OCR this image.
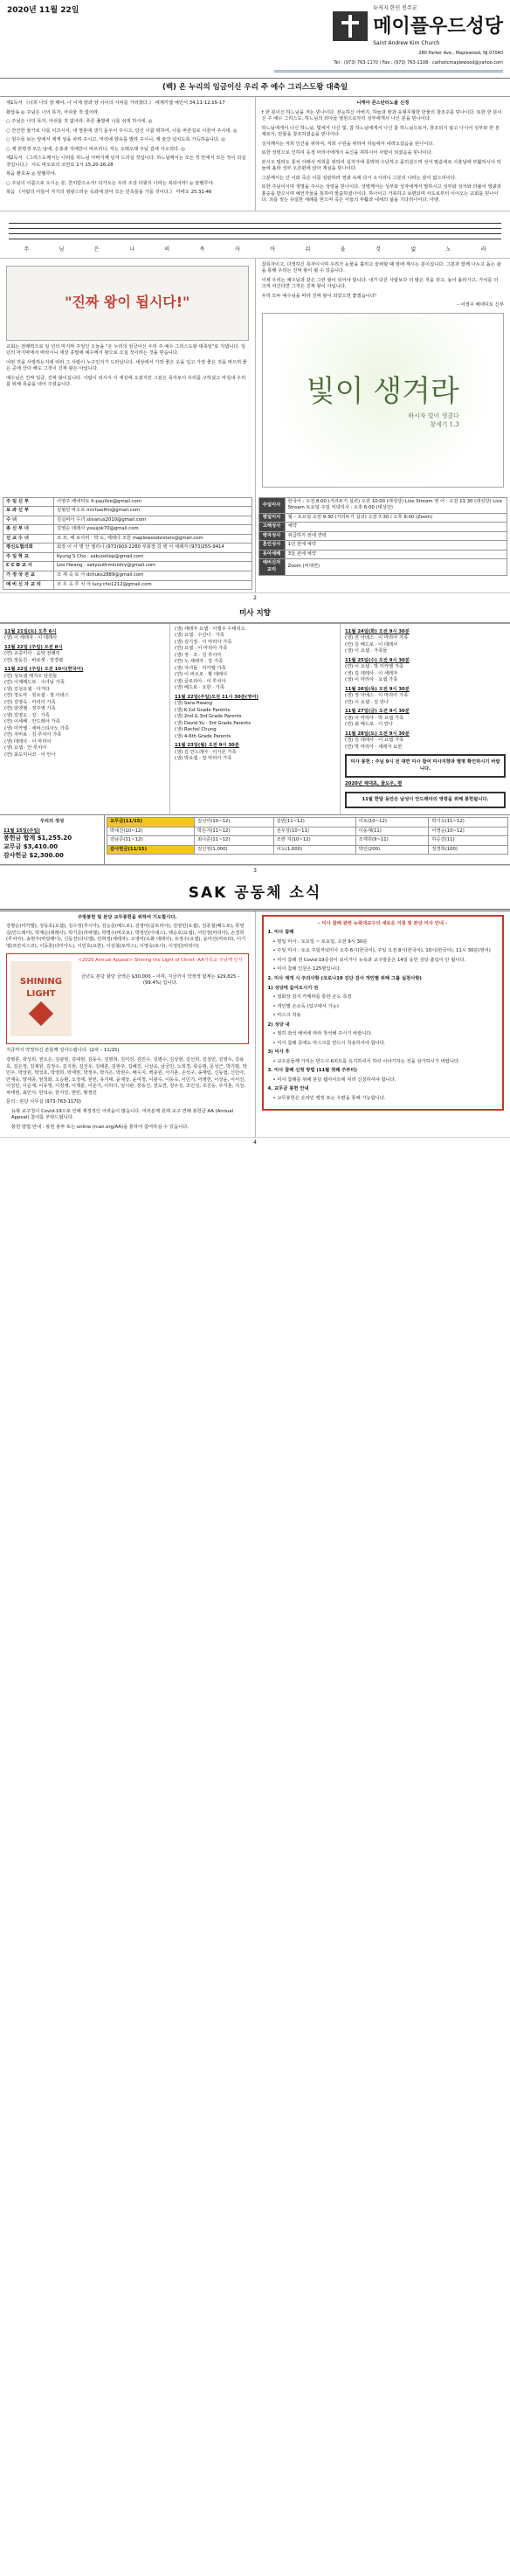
2020년 11월 22일	뉴저지 한인 천주교
메이플우드성당
Saint Andrew Kim Church
280 Parker Ave., Maplewood, NJ 07040
Tel : (973) 763-1170 / Fax : (973) 763-1108 · catholicmaplewood@yahoo.com
(백) 온 누리의 임금이신 우리 주 예수 그리스도왕 대축일

제1독서 《너희 나의 양 떼야, 나 이제 양과 양 사이의 시비를 가리겠다.》 에제키엘 예언서 34,11-12.15-17

화답송 ◎ 주님은 나의 목자, 아쉬울 것 없어라.

○ 주님은 나의 목자, 아쉬울 것 없어라. 푸른 풀밭에 나를 쉬게 하시네. ◎

○ 잔잔한 물가로 나를 이끄시어, 내 영혼에 생기 돋우어 주시고, 당신 이름 위하여, 나를 바른길로 이끌어 주시네. ◎

○ 원수들 보는 앞에서 제게 상을 차려 주시고, 머리에 향유를 발라 주시니, 제 술잔 넘치도록 가득하옵니다. ◎

○ 제 한평생 모든 날에, 은총과 자애만이 따르리니, 저는 오래오래 주님 집에 사오리다. ◎

제2독서 《그리스도께서는 나라를 하느님 아버지께 넘겨 드리실 것입니다. 하느님께서는 모든 것 안에서 모든 것이 되실 것입니다.》 사도 바오로의 코린토 1서 15,20-26.28

복음 환호송 ◎ 알렐루야.

○ 주님의 이름으로 오시는 분, 찬미받으소서! 다가오는 우리 조상 다윗의 나라는 복되어라! ◎ 알렐루야.

복음 《사람의 아들이 자기의 영광스러운 옥좌에 앉아 모든 민족들을 가를 것이다.》 마태오 25,31-46

니케아 콘스탄티노플 신경

† 한 분이신 하느님을 저는 믿나이다. 전능하신 아버지, 하늘과 땅과 유형무형한 만물의 창조주를 믿나이다. 또한 한 분이신 주 예수 그리스도, 하느님의 외아들 영원으로부터 성부에게서 나신 분을 믿나이다.

하느님에게서 나신 하느님, 빛에서 나신 빛, 참 하느님에게서 나신 참 하느님으로서, 창조되지 않고 나시어 성부와 한 본체로서, 만물을 창조하셨음을 믿나이다.

성자께서는 저희 인간을 위하여, 저희 구원을 위하여 하늘에서 내려오셨음을 믿나이다.

또한 성령으로 인하여 동정 마리아에게서 육신을 취하시어 사람이 되셨음을 믿나이다.

본시오 빌라도 통치 아래서 저희를 위하여 십자가에 못박혀 수난하고 묻히셨으며 성서 말씀대로 사흗날에 부활하시어 하늘에 올라 성부 오른편에 앉아 계심을 믿나이다.

그분께서는 산 이와 죽은 이를 심판하러 영광 속에 다시 오시리니 그분의 나라는 끝이 없으리이다.

또한 주님이시며 생명을 주시는 성령을 믿나이다. 성령께서는 성부와 성자에게서 발하시고 성부와 성자와 더불어 영광과 흠숭을 받으시며 예언자들을 통하여 말씀하셨나이다. 하나이고 거룩하고 보편되며 사도로부터 이어오는 교회를 믿나이다. 죄를 씻는 유일한 세례를 믿으며 죽은 이들의 부활과 내세의 삶을 기다리나이다. 아멘.

주	님	은	나	의	목	자	아	쉬	울	것	없	노	라
"진짜 왕이 됩시다!"

교회는 전례력으로 일 년의 마지막 주일인 오늘을 "온 누리의 임금이신 우리 주 예수 그리스도왕 대축일"로 지냅니다. 일년의 마지막에서 바라시니 세상 종말에 예수께서 왕으로 오실 것이라는 것을 믿습니다.

어떤 것을 사랑하는지에 따라 그 사람이 누구인지가 드러납니다. 세상에서 가장 좋은 옷을 입고 가장 좋은 것을 먹으며 좋은 곳에 산다 해도 그것이 진짜 왕은 아닙니다.

예수님은 진짜 임금, 진짜 왕이십니다. 사람이 되시어 이 세상에 오셨지만 그분은 목자로서 우리를 구하셨고 마침내 우리를 위해 목숨을 내어 주셨습니다.

참목자이고, 다정하신 목자이시며 우리가 눈물을 흘리고 슬퍼할 때 옆에 계시는 분이십니다. 그분과 함께 나누고 돕는 삶을 통해 우리는 진짜 왕이 될 수 있습니다.

이제 우리는 예수님과 같은 그런 왕이 되어야 합니다. 내가 다른 사람보다 더 많은 것을 갖고, 높이 올라가고, 가치를 더 크게 여긴다면 그것은 진짜 왕이 아닙니다.

우리 모두 예수님을 따라 진짜 왕이 되었으면 좋겠습니다!

– 이영주 베네딕토 신부

빛이 생겨라
하시자 빛이 생겼다
창세기 1,3
주 임 신 부	이영주 베네딕토 fr.paullee@gmail.com
보 좌 신 부	김형민 바오로 michaelfm@gmail.com
수 녀	김실비아 수녀 silvanus2010@gmail.com
총 신 부 녀	김영순 데레사 yssujok70@gmail.com
선 교 수 녀	조 모, 배 로사리 · 박 도, 세레나 조한 maplewoodsisters@gmail.com
평신도협의회	회장 이 사 명 안 젤리나 (973)903-2280 부회장 김 병 이 세례자 (973)255-9414
주 일 학 교	Kyung S Cho : sakuosliep@gmail.com
C C D 교 사	Leo Hwang : sakyouthministry@gmail.com
가 정 국 전 교	조 재 숙 로 사 dchuks2889@gmail.com
예 비 신 자 교 리	조 우 옥 루 치 아 lucy.cho1212@gmail.com
주일미사	한국어 : 오전 8:00 (거리두기 실외) 오전 10:00 (대성당) Live Stream 영 어 : 오전 11:30 (대성당) Live Stream 토요일 주일 저녁미사 : 오후 6:00 (대성당)
평일미사	월 – 토요일 오전 9:30 (거리두기 실외) 오전 7:30 / 오후 8:00 (Zoom)
고해성사	예약
병자성사	위급하지 전에 연락
혼인성사	1년 전에 예약
유아세례	3달 전에 예약
예비신자 교리	Zoom (비대면)
2
미사 지향
11월 21일(토) 오후 6시
(생) 이 세레자 · 이 데레사
11월 22일 (주일) 오전 8시
(연) 교중미사 · 음악 전례부
(연) 장동진 · 바로셋 · 장경렬
11월 22일 (주일) 오전 10시(한국어)
(연) 성요셉 레지오 단원들
(연) 이제베드로 · 수녀님 가족
(생) 김성요셉 · 아가다
(연) 정도마 · 원요셉 · 정 아녜스
(연) 김영숙 · 마리아 가족
(연) 임엔젤 · 정주영 가족
(생) 김영도 · 강 · 가족
(연) 이세베 · 안드레아 가족
(생) 미카엘 · 세바스티아노 가족
(연) 자비로 · 김 루치아 가족
(생) 데레사 · 이 마리아
(생) 요셉 · 안 루치아
(연) 최도미니코 · 이 안나
(생) 세레자 요셉 · 이엘주 수태리오
(생) 요셉 · 수산나 · 가족
(생) 김기정 · 이 마리아 가족
(연) 요셉 · 이 마리아 가족
(생) 정 · 조 · 김 루시아
(연) 노 세레자 · 강 가족
(생) 자녀들 · 미카엘 가족
(연) 이 바오로 · 황 데레사
(생) 글로리아 · 이 루치아
(생) 베드로 · 요한 · 가족
11월 22일(주일)오전 11시 30분(영어)
(생) Sara Hwang
(생) K-1st Grade Parents
(생) 2nd & 3rd Grade Parents
(생) David Yu · 3rd Grade Parents
(생) Rachel Chung
(생) 4-6th Grade Parents
11월 23일(월) 오전 9시 30분
(생) 김 안드레아 · 이시몬 가족
(생) 박요셉 · 장 마리아 가족
11월 24일(화) 오전 9시 30분
(생) 전 아녜스 · 이 마리아 가족
(연) 김 베드로 · 이 데레사
(생) 이 요셉 · 가족들
11월 25일(수) 오전 9시 30분
(연) 이 요셉 · 박 미카엘 가족
(생) 김 데레사 · 이 세레자
(생) 이 마리아 · 요셉 가족
11월 26일(목) 오전 9시 30분
(생) 정 아녜스 · 이 마리아 가족
(연) 이 요셉 · 김 안나
11월 27일(금) 오전 9시 30분
(생) 이 마리아 · 박 요셉 가족
(연) 최 베드로 · 이 안나
11월 28일(토) 오전 9시 30분
(생) 김 데레사 · 이 요셉 가족
(연) 박 마리아 · 세레자 요한
미사 봉헌 : 주님 9시 전 대면 미사 참여 미사지향과 별명 확인하시기 바랍니다.
2020년 제대초, 꽃도우, 평
11월 한달 동안은 남성이 안드레아의 영령을 위해 봉헌됩니다.
우리의 정성
11월 15일(주일)
봉헌금 합계 $1,255.20
교무금 $3,410.00
감사헌금 $2,300.00
교무금(11/15)	김선미(10~12)	김빈(11~12)	이토(10~12)	박기오(11~12)
박대진(10~12)	박은지(11~12)	선우성(10~11)	이동재(11)	이영순(10~12)
전남준(11~12)	최나준(11~12)	조엔 지(10~12)	조재원(9~11)	하승진(11)
감사헌금(11/15)	김인영(1,000)	이도(1,000)	박인(200)	정경희(100)
3
SAK 공동체 소식
주방봉헌 및 본당 교무봉헌을 위하여 기도합시다.

강명순(미카엘), 강동호(요셉), 김수정(루시아), 김승준(베드로), 김영미(글로리아), 김영민(요셉), 김종철(베드로), 류영길(안드레아), 박계순(데레사), 박기준(라파엘), 박명수(바오로), 박정민(아녜스), 백승호(요셉), 서민정(마리아), 손경희(루치아), 송현주(막달레나), 신동진(다니엘), 안희정(세레자), 오영미(소화 데레사), 유정수(요셉), 윤미선(마르타), 이기영(프란치스코), 이동훈(다미아노), 이민호(요한), 이상철(토마스), 이영숙(로사), 이정민(마리아)

SHINING LIGHT

<2020 Annual Appeal> Shining the Light of Christ -AA가족교 주님께 인사 -

금년도 본당 할당 금액은 $30,000 – 이며, 지금까지 약정액 합계는 $29,825 –(99.4%) 입니다.

지금까지 약정하신 분들께 감사드립니다. (2차 – 11/15)

강병훈, 곽성희, 권오은, 김광현, 김대현, 김동수, 김명희, 김미진, 김민수, 김병수, 김상현, 김선희, 김성민, 김영수, 김용호, 김은정, 김재원, 김정수, 김지현, 김진우, 김태훈, 김현주, 김혜진, 나상욱, 남궁민, 노희경, 류승범, 문성근, 박기범, 박민우, 박상원, 박성호, 박영희, 박재현, 박정우, 박지은, 박현수, 배수지, 백종원, 서지훈, 손석구, 송재림, 신동엽, 신민아, 안재욱, 양세종, 엄정화, 오승환, 오정세, 원빈, 유지태, 윤계상, 윤여정, 이광수, 이동욱, 이민기, 이병헌, 이상윤, 이서진, 이성민, 이순재, 이유영, 이정재, 이제훈, 이준기, 이하늬, 임시완, 장동건, 전도연, 정우성, 조인성, 조진웅, 주지훈, 지성, 차태현, 최민식, 한석규, 한지민, 현빈, 황정민

문의 : 본당 사무실 (973-763-1170)

뉴왁 교구청이 Covid-19으로 인해 재정적인 어려움이 많습니다. 여러분께 원래 교구 연례 봉헌금 AA (Annual Appeal) 참여를 부탁드립니다.

봉헌 방법 안내 : 봉헌 봉투 또는 online (rcan.org/AA)을 통하여 참여하실 수 있습니다.

– 미사 참례 관련 뉴왁대교구의 새로운 지침 및 본당 미사 안내 –

1. 미사 참례

• 평일 미사 : 토요일 ~ 토요일, 오전 9시 30분

• 주일 미사 : 토요 주일저녁미사 오후 6시(한국어), 주일 오전 8시(한국어), 10시(한국어), 11시 30분(영어)

• 미사 참례 전 Covid-19증상이 보이거나 뉴욕과 교구방문은 14일 동안 성당 출입이 안 됩니다.

• 미사 참례 인원은 125명입니다.

2. 미사 재개 시 주의사항 (코로나19 진단 검사 개인별 위해 그룹 실천사항)

1) 성당에 들어오시기 전

• 열화상 감지 카메라를 통한 온도 측정

• 개인별 손소독 (입구에서 가능)

• 마스크 착용

2) 성당 내

• 필히 좌석 배치에 따라 착석해 주시기 바랍니다.

• 미사 참례 중에도 마스크를 반드시 착용하셔야 합니다.

3) 미사 후

• 교우분들께 가리는 반드시 6피트를 유지하셔서 하여 이야기하는 것을 삼가하시기 바랍니다.

3. 미사 참례 신청 방법 (11월 첫째 주부터)

• 미사 참례를 위해 본당 웹사이트에 미리 신청하셔야 합니다.

4. 교무금 봉헌 안내

• 교무봉헌은 온라인 뱅킹 또는 우편을 통해 가능합니다.

4
